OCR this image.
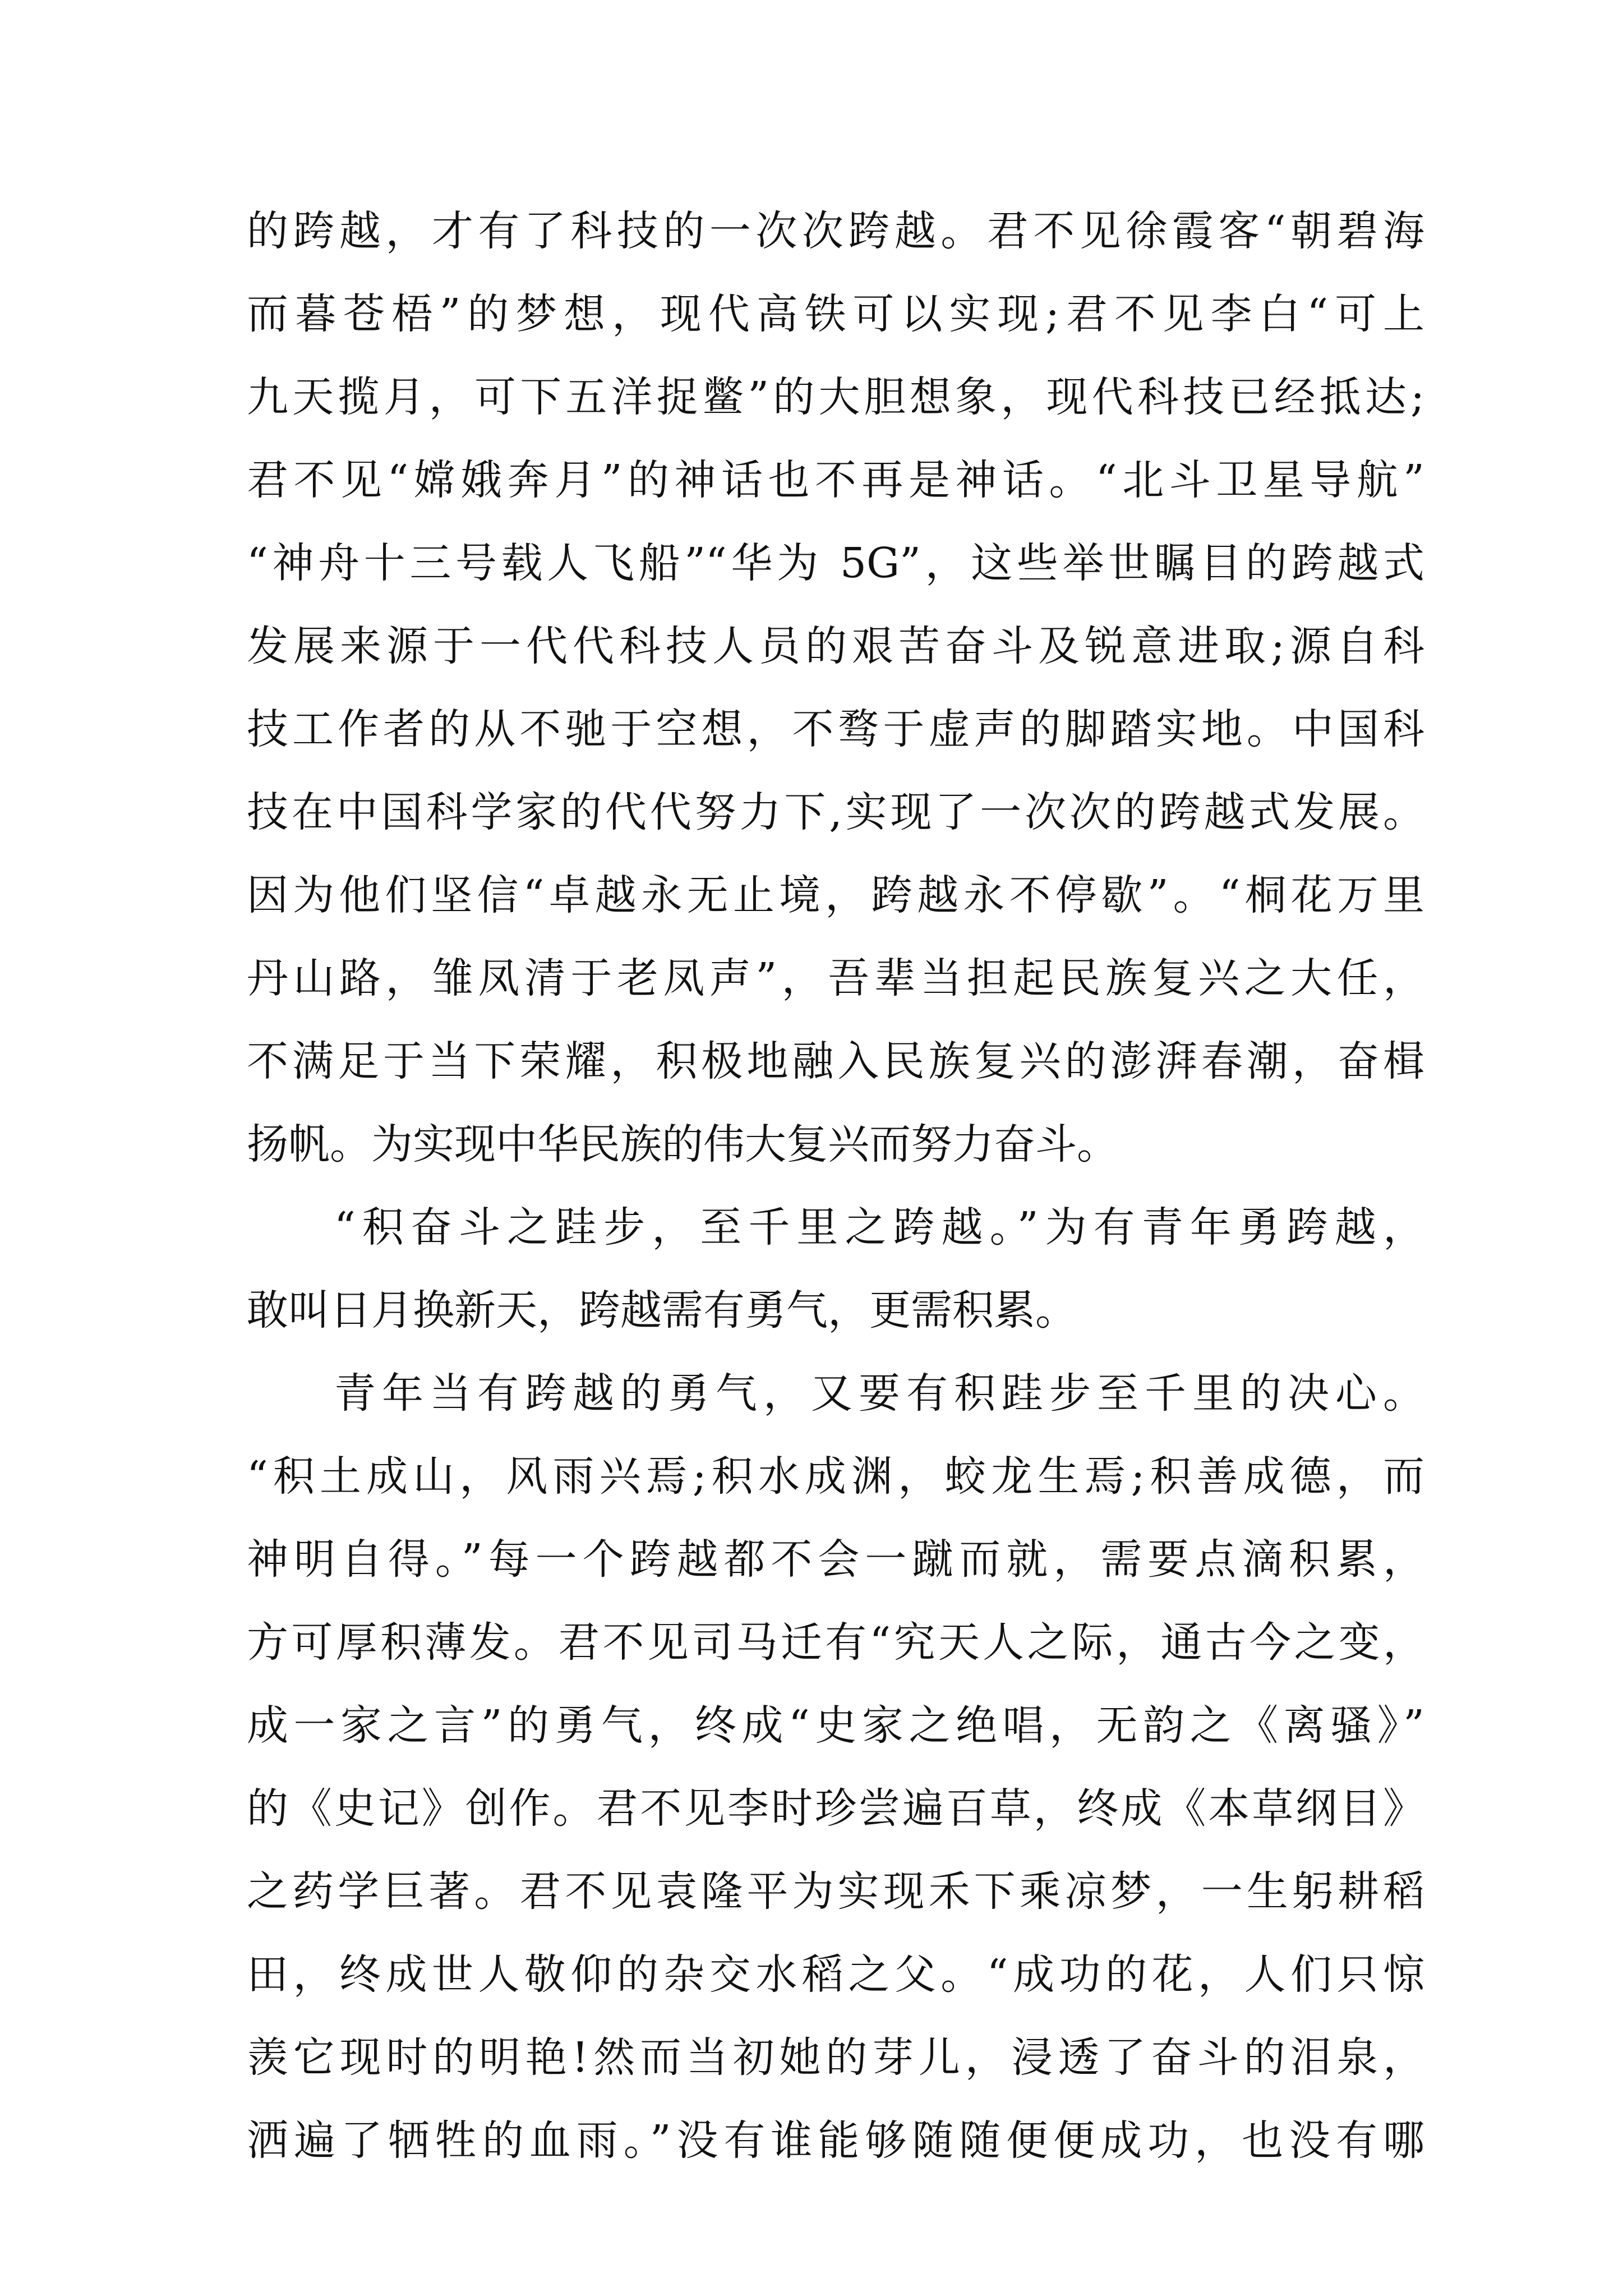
的跨越，才有了科技的一次次跨越。君不见徐霞客“朝碧海
而暮苍梧”的梦想，现代高铁可以实现;君不见李白“可上
九天揽月，可下五洋捉鳖”的大胆想象，现代科技已经抵达;
君不见“嫦娥奔月”的神话也不再是神话。“北斗卫星导航”
“神舟十三号载人飞船”“华为 5G”，这些举世瞩目的跨越式
发展来源于一代代科技人员的艰苦奋斗及锐意进取;源自科
技工作者的从不驰于空想，不骛于虚声的脚踏实地。中国科
技在中国科学家的代代努力下,实现了一次次的跨越式发展。
因为他们坚信“卓越永无止境，跨越永不停歇”。“桐花万里
丹山路，雏凤清于老凤声”，吾辈当担起民族复兴之大任，
不满足于当下荣耀，积极地融入民族复兴的澎湃春潮，奋楫
扬帆。为实现中华民族的伟大复兴而努力奋斗。
“积奋斗之跬步，至千里之跨越。”为有青年勇跨越，
敢叫日月换新天，跨越需有勇气，更需积累。
青年当有跨越的勇气，又要有积跬步至千里的决心。
“积土成山，风雨兴焉;积水成渊，蛟龙生焉;积善成德，而
神明自得。”每一个跨越都不会一蹴而就，需要点滴积累，
方可厚积薄发。君不见司马迁有“究天人之际，通古今之变，
成一家之言”的勇气，终成“史家之绝唱，无韵之《离骚》”
的《史记》创作。君不见李时珍尝遍百草，终成《本草纲目》
之药学巨著。君不见袁隆平为实现禾下乘凉梦，一生躬耕稻
田，终成世人敬仰的杂交水稻之父。“成功的花，人们只惊
羡它现时的明艳!然而当初她的芽儿，浸透了奋斗的泪泉，
洒遍了牺牲的血雨。”没有谁能够随随便便成功，也没有哪
